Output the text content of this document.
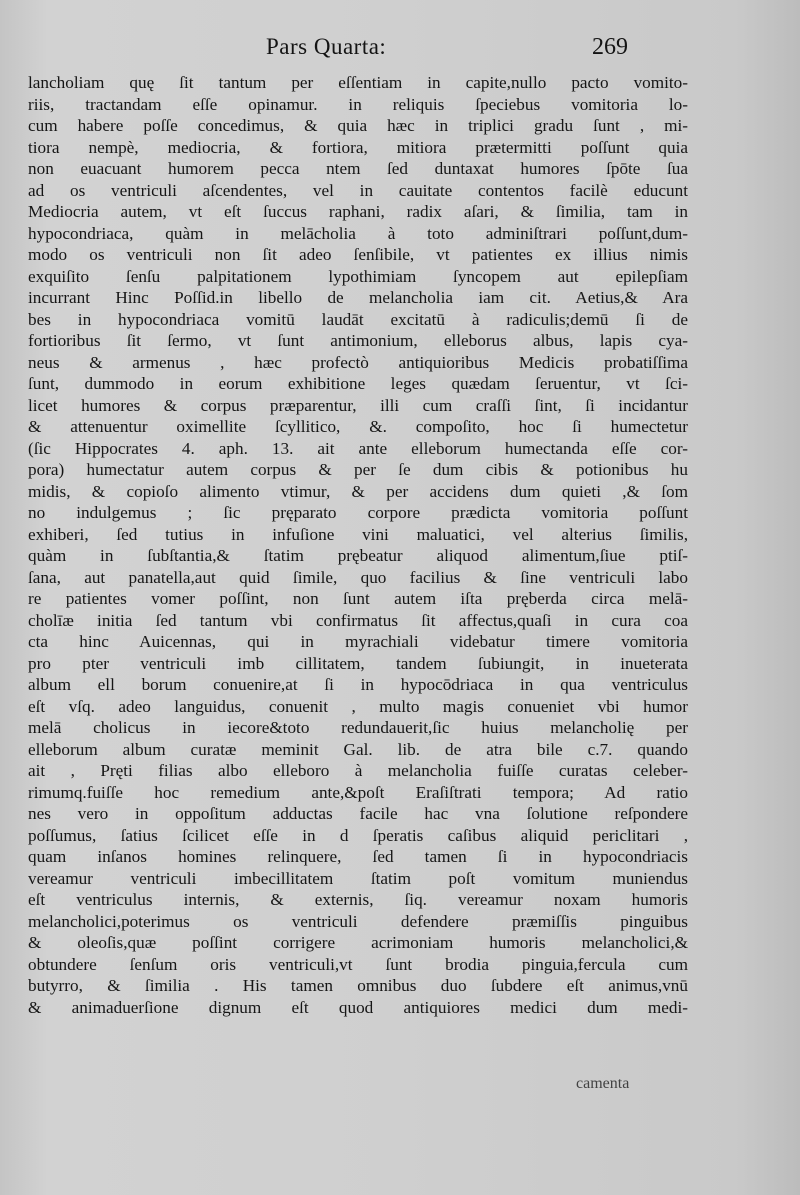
Pars Quarta:	269
lancholiam quę ſit tantum per eſſentiam in capite,nullo pacto vomito-
riis, tractandam eſſe opinamur. in reliquis ſpeciebus vomitoria lo-
cum habere poſſe concedimus, & quia hæc in triplici gradu ſunt , mi-
tiora nempè, mediocria, & fortiora, mitiora prætermitti poſſunt quia
non euacuant humorem pecca ntem ſed duntaxat humores ſpōte ſua
ad os ventriculi aſcendentes, vel in cauitate contentos facilè educunt
Mediocria autem, vt eſt ſuccus raphani, radix aſari, & ſimilia, tam in
hypocondriaca, quàm in melācholia à toto adminiſtrari poſſunt,dum-
modo os ventriculi non ſit adeo ſenſibile, vt patientes ex illius nimis
exquiſito ſenſu palpitationem lypothimiam ſyncopem aut epilepſiam
incurrant Hinc Poſſid.in libello de melancholia iam cit. Aetius,& Ara
bes in hypocondriaca vomitū laudāt excitatū à radiculis;demū ſi de
fortioribus ſit ſermo, vt ſunt antimonium, elleborus albus, lapis cya-
neus & armenus , hæc profectò antiquioribus Medicis probatiſſima
ſunt, dummodo in eorum exhibitione leges quædam ſeruentur, vt ſci-
licet humores & corpus præparentur, illi cum craſſi ſint, ſi incidantur
& attenuentur oximellite ſcyllitico, &. compoſito, hoc ſi humectetur
(ſic Hippocrates 4. aph. 13. ait ante elleborum humectanda eſſe cor-
pora) humectatur autem corpus & per ſe dum cibis & potionibus hu
midis, & copioſo alimento vtimur, & per accidens dum quieti ,& ſom
no indulgemus ; ſic pręparato corpore prædicta vomitoria poſſunt
exhiberi, ſed tutius in infuſione vini maluatici, vel alterius ſimilis,
quàm in ſubſtantia,& ſtatim prębeatur aliquod alimentum,ſiue ptiſ-
ſana, aut panatella,aut quid ſimile, quo facilius & ſine ventriculi labo
re patientes vomer poſſint, non ſunt autem iſta pręberda circa melā-
cholīæ initia ſed tantum vbi confirmatus ſit affectus,quaſi in cura coa
cta hinc Auicennas, qui in myrachiali videbatur timere vomitoria
pro pter ventriculi imb cillitatem, tandem ſubiungit, in inueterata
album ell borum conuenire,at ſi in hypocōdriaca in qua ventriculus
eſt vſq. adeo languidus, conuenit , multo magis conueniet vbi humor
melā cholicus in iecore&toto redundauerit,ſic huius melancholię per
elleborum album curatæ meminit Gal. lib. de atra bile c.7. quando
ait , Pręti filias albo elleboro à melancholia fuiſſe curatas celeber-
rimumq.fuiſſe hoc remedium ante,&poſt Eraſiſtrati tempora; Ad ratio
nes vero in oppoſitum adductas facile hac vna ſolutione reſpondere
poſſumus, ſatius ſcilicet eſſe in d ſperatis caſibus aliquid periclitari ,
quam inſanos homines relinquere, ſed tamen ſi in hypocondriacis
vereamur ventriculi imbecillitatem ſtatim poſt vomitum muniendus
eſt ventriculus internis, & externis, ſiq. vereamur noxam humoris
melancholici,poterimus os ventriculi defendere præmiſſis pinguibus
& oleoſis,quæ poſſint corrigere acrimoniam humoris melancholici,&
obtundere ſenſum oris ventriculi,vt ſunt brodia pinguia,fercula cum
butyrro, & ſimilia . His tamen omnibus duo ſubdere eſt animus,vnū
& animaduerſione dignum eſt quod antiquiores medici dum medi-
camenta
